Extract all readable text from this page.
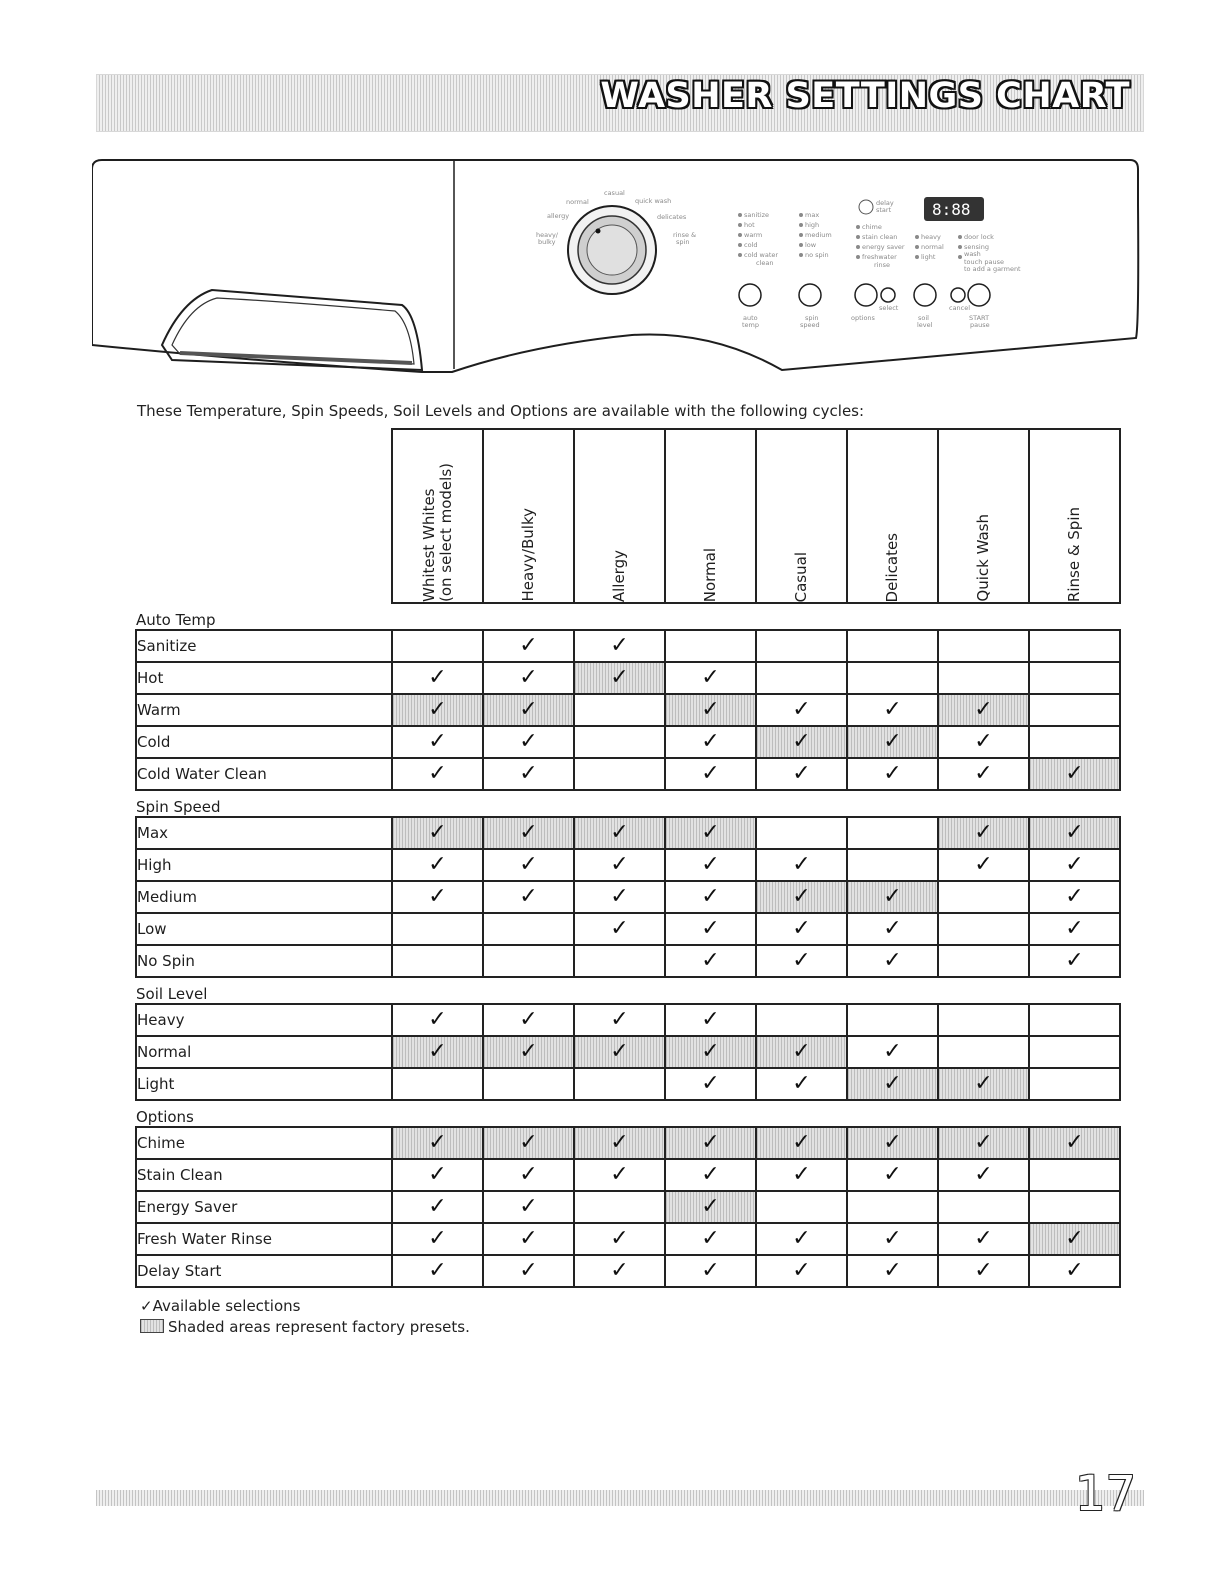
WASHER SETTINGS CHART
casual
normal	quick wash
allergy	delicates
heavy/
bulky
rinse &
spin
8:88
sanitize
hot
warm
cold
cold water
clean
max
high
medium
low
no spin
delay
start
chime
stain clean
energy saver
freshwater
rinse
heavy
normal
light
door lock
sensing
wash
touch pause
to add a garment
auto
temp
spin
speed
options
select
soil
level
cancel
START
pause
These Temperature, Spin Speeds, Soil Levels and Options are available with the following cycles:

	Whitest Whites
(on select models)	Heavy/Bulky	Allergy	Normal	Casual	Delicates	Quick Wash	Rinse & Spin

Auto Temp								
Sanitize		✓	✓					
Hot	✓	✓	✓	✓				
Warm	✓	✓		✓	✓	✓	✓	
Cold	✓	✓		✓	✓	✓	✓	
Cold Water Clean	✓	✓		✓	✓	✓	✓	✓
Spin Speed								
Max	✓	✓	✓	✓			✓	✓
High	✓	✓	✓	✓	✓		✓	✓
Medium	✓	✓	✓	✓	✓	✓		✓
Low			✓	✓	✓	✓		✓
No Spin				✓	✓	✓		✓
Soil Level								
Heavy	✓	✓	✓	✓				
Normal	✓	✓	✓	✓	✓	✓		
Light				✓	✓	✓	✓	
Options								
Chime	✓	✓	✓	✓	✓	✓	✓	✓
Stain Clean	✓	✓	✓	✓	✓	✓	✓	
Energy Saver	✓	✓		✓				
Fresh Water Rinse	✓	✓	✓	✓	✓	✓	✓	✓
Delay Start	✓	✓	✓	✓	✓	✓	✓	✓
✓Available selections
Shaded areas represent factory presets.
17
